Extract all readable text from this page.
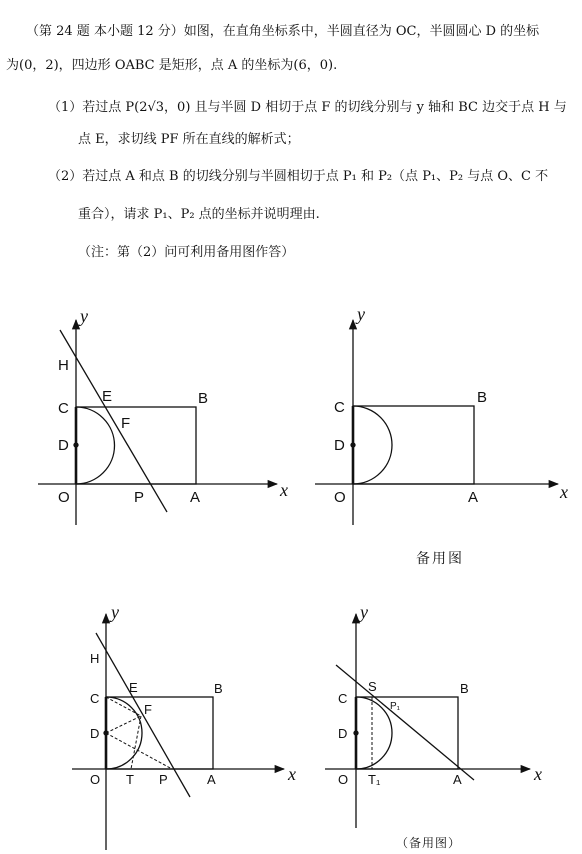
（第 24 题 本小题 12 分）如图，在直角坐标系中，半圆直径为 OC，半圆圆心 D 的坐标
为(0，2)，四边形 OABC 是矩形，点 A 的坐标为(6，0).
（1）若过点 P(2√3，0) 且与半圆 D 相切于点 F 的切线分别与 y 轴和 BC 边交于点 H 与
点 E，求切线 PF 所在直线的解析式；
（2）若过点 A 和点 B 的切线分别与半圆相切于点 P₁ 和 P₂（点 P₁、P₂ 与点 O、C 不
重合），请求 P₁、P₂ 点的坐标并说明理由.
（注：第（2）问可利用备用图作答）
y
x
H
E	B
C
F
D
O	P	A
y
x
C
B
D
O	A
y
x
H
E	B
C
F
D
O T P	A
y
x
S	B
C
P₁
D
O T₁	A
备用图
（备用图）
